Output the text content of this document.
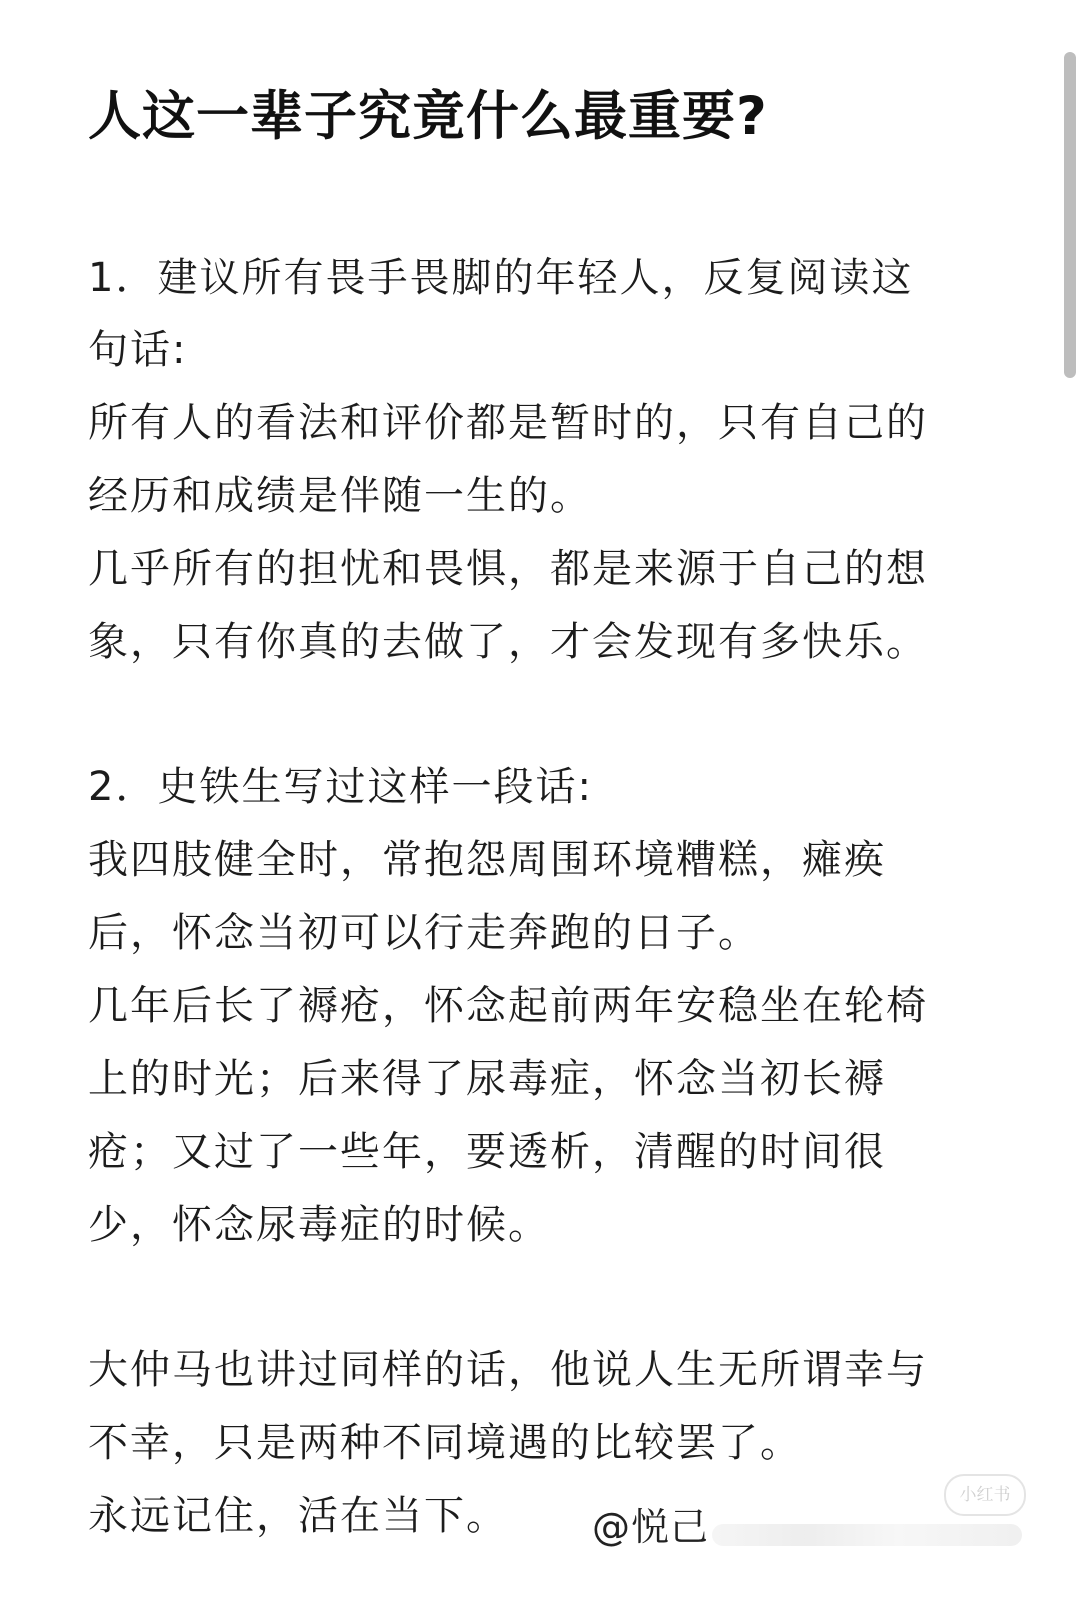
人这一辈子究竟什么最重要?

1．建议所有畏手畏脚的年轻人，反复阅读这

句话:

所有人的看法和评价都是暂时的，只有自己的

经历和成绩是伴随一生的。

几乎所有的担忧和畏惧，都是来源于自己的想

象，只有你真的去做了，才会发现有多快乐。

2．史铁生写过这样一段话:

我四肢健全时，常抱怨周围环境糟糕，瘫痪

后，怀念当初可以行走奔跑的日子。

几年后长了褥疮，怀念起前两年安稳坐在轮椅

上的时光；后来得了尿毒症，怀念当初长褥

疮；又过了一些年，要透析，清醒的时间很

少，怀念尿毒症的时候。

大仲马也讲过同样的话，他说人生无所谓幸与

不幸，只是两种不同境遇的比较罢了。

永远记住，活在当下。 @悦己
小红书
